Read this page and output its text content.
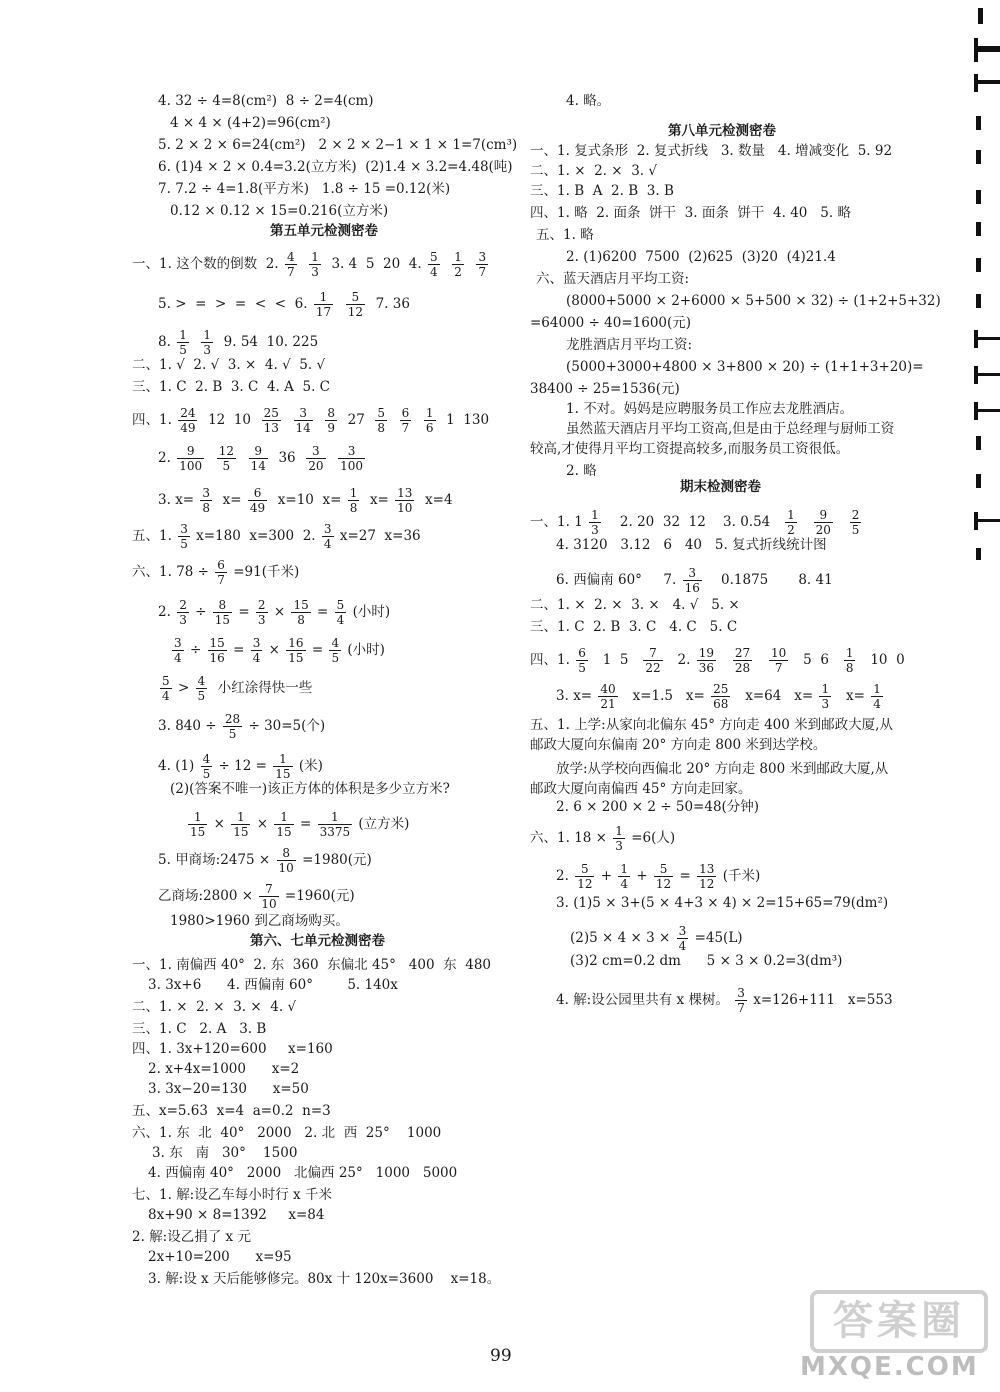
4. 32 ÷ 4=8(cm²) 8 ÷ 2=4(cm)
4 × 4 × (4+2)=96(cm²)
5. 2 × 2 × 6=24(cm²) 2 × 2 × 2−1 × 1 × 1=7(cm³)
6. (1)4 × 2 × 0.4=3.2(立方米) (2)1.4 × 3.2=4.48(吨)
7. 7.2 ÷ 4=1.8(平方米) 1.8 ÷ 15 =0.12(米)
0.12 × 0.12 × 15=0.216(立方米)
第五单元检测密卷
一、1. 这个数的倒数 2. $\frac{4}{7}$
$\frac{1}{3} 3$. 4 5 20 4. $\frac{5}{4}$
$\frac{1}{2}$
$\frac{3}{7}$
5. > = > = < < 6. $\frac{1}{17}$
$\frac{5}{12} 7$. 36
8. $\frac{1}{5}$
$\frac{1}{3} 9$. 54 10. 225
二、1. √ 2. √ 3. × 4. √ 5. √
三、1. C 2. B 3. C 4. A 5. C
四、1. $\frac{24}{49} 12$ $10 \frac{25}{13}$
$\frac{3}{14}$
$\frac{8}{9} 27 \frac{5}{8}$
$\frac{6}{7}$
$\frac{1}{6} 1$ 130
2. $\frac{9}{100}$
$\frac{12}{5}$
$\frac{9}{14} 36 \frac{3}{20}$
$\frac{3}{100}$
3. $x= \frac{3}{8} x= \frac{6}{49} x=10$ $x= \frac{1}{8} x= \frac{13}{10} x=4$
五、1. $\frac{3}{5} x=180$ x=300 2. $\frac{3}{4} x=27$ x=36
六、1. $78 \div \frac{6}{7} =91$(千米)
2. $\frac{2}{3} \div \frac{8}{15} = \frac{2}{3} \times \frac{15}{8} = \frac{5}{4}$ (小时)
$\frac{3}{4} \div \frac{15}{16} = \frac{3}{4} \times \frac{16}{15} = \frac{4}{5}$ (小时)
$\frac{5}{4} > \frac{4}{5}$ 小红涂得快一些
3. $840 \div \frac{28}{5} \div 30=5$(个)
4. $(1) \frac{4}{5} \div 12 = \frac{1}{15}$ (米)
(2)(答案不唯一)该正方体的体积是多少立方米?
$\frac{1}{15} \times \frac{1}{15} \times \frac{1}{15} = \frac{1}{3375}$ (立方米)
5. 甲商场:2475 × $\frac{8}{10} =1980$(元)
乙商场:2800 × $\frac{7}{10} =1960$(元)
1980>1960 到乙商场购买。
第六、七单元检测密卷
一、1. 南偏西 40° 2. 东 360 东偏北 45° 400 东 480
3. 3x+6 4. 西偏南 60°	5. 140x
二、1. × 2. × 3. × 4. √
三、1. C 2. A 3. B
四、1. 3x+120=600 x=160
2. x+4x=1000 x=2
3. 3x−20=130 x=50
五、x=5.63 x=4 a=0.2 n=3
六、1. 东 北 40° 2000 2. 北 西 25° 1000
3. 东 南 30° 1500
4. 西偏南 40° 2000 北偏西 25° 1000 5000
七、1. 解:设乙车每小时行 x 千米
8x+90 × 8=1392 x=84
2. 解:设乙捐了 x 元
2x+10=200 x=95
3. 解:设 x 天后能够修完。80x 十 120x=3600 x=18。
4. 略。
第八单元检测密卷
一、1. 复式条形 2. 复式折线 3. 数量 4. 增减变化 5. 92
二、1. × 2. × 3. √
三、1. B A 2. B 3. B
四、1. 略 2. 面条 饼干 3. 面条 饼干 4. 40 5. 略
五、1. 略
2. (1)6200 7500 (2)625 (3)20 (4)21.4
六、蓝天酒店月平均工资:
(8000+5000 × 2+6000 × 5+500 × 32) ÷ (1+2+5+32)
=64000 ÷ 40=1600(元)
龙胜酒店月平均工资:
(5000+3000+4800 × 3+800 × 20) ÷ (1+1+3+20)=
38400 ÷ 25=1536(元)
1. 不对。妈妈是应聘服务员工作应去龙胜酒店。
虽然蓝天酒店月平均工资高,但是由于总经理与厨师工资
较高,才使得月平均工资提高较多,而服务员工资很低。
2. 略
期末检测密卷
一、1. $1 \frac{1}{3} 2$. 20 32 12 3. $0.54 \frac{1}{2}$
$\frac{9}{20}$
$\frac{2}{5}$
4. 3120 3.12 6 40 5. 复式折线统计图
6. 西偏南 60° 7. $\frac{3}{16} 0.1875$ 8. 41
二、1. × 2. × 3. × 4. √ 5. ×
三、1. C 2. B 3. C 4. C 5. C
四、1. $\frac{6}{5} 1$ $5 \frac{7}{22} 2$. $\frac{19}{36}$
$\frac{27}{28}$
$\frac{10}{7} 5$ $6 \frac{1}{8} 10$ 0
3. $x= \frac{40}{21} x=1.5$ $x= \frac{25}{68} x=64$ $x= \frac{1}{3} x= \frac{1}{4}$
五、1. 上学:从家向北偏东 45° 方向走 400 米到邮政大厦,从
邮政大厦向东偏南 20° 方向走 800 米到达学校。
放学:从学校向西偏北 20° 方向走 800 米到邮政大厦,从
邮政大厦向南偏西 45° 方向走回家。
2. 6 × 200 × 2 ÷ 50=48(分钟)
六、1. $18 \times \frac{1}{3} =6$(人)
2. $\frac{5}{12} + \frac{1}{4} + \frac{5}{12} = \frac{13}{12}$ (千米)
3. (1)5 × 3+(5 × 4+3 × 4) × 2=15+65=79(dm²)
$(2)5 \times 4 \times 3 \times \frac{3}{4} =45(L)$
(3)2 cm=0.2 dm 5 × 3 × 0.2=3(dm³)
4. 解:设公园里共有 x 棵树。 $\frac{3}{7} x=126+111$ x=553
99
答案圈
MXQE.COM
